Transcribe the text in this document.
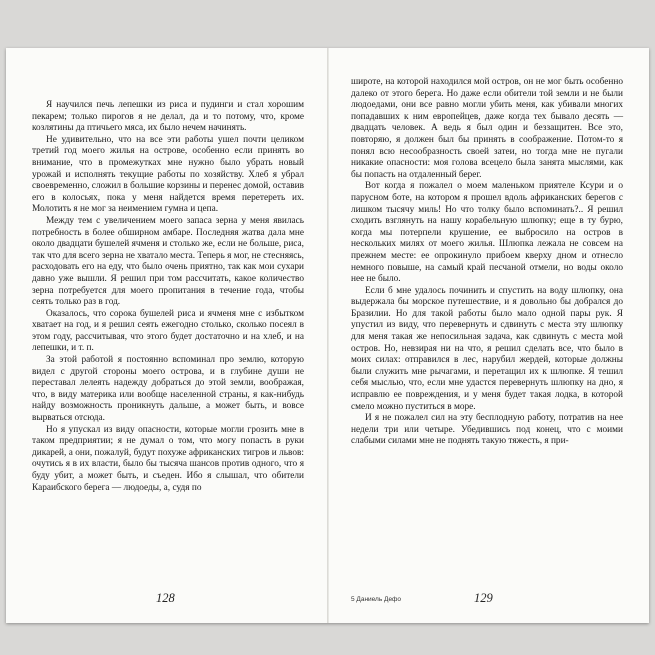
Я научился печь лепешки из риса и пудинги и стал хорошим пекарем; только пирогов я не делал, да и то потому, что, кроме козлятины да птичьего мяса, их было нечем начинять.

Не удивительно, что на все эти работы ушел почти целиком третий год моего жилья на острове, особенно если принять во внимание, что в промежутках мне нужно было убрать новый урожай и исполнять текущие работы по хозяйству. Хлеб я убрал своевременно, сложил в большие корзины и перенес домой, оставив его в колосьях, пока у меня найдется время перетереть их. Молотить я не мог за неимением гумна и цепа.

Между тем с увеличением моего запаса зерна у меня явилась потребность в более обширном амбаре. Последняя жатва дала мне около двадцати бушелей ячменя и столько же, если не больше, риса, так что для всего зерна не хватало места. Теперь я мог, не стесняясь, расходовать его на еду, что было очень приятно, так как мои сухари давно уже вышли. Я решил при том рассчитать, какое количество зерна потребуется для моего пропитания в течение года, чтобы сеять только раз в год.

Оказалось, что сорока бушелей риса и ячменя мне с избытком хватает на год, и я решил сеять ежегодно столько, сколько посеял в этом году, рассчитывая, что этого будет достаточно и на хлеб, и на лепешки, и т. п.

За этой работой я постоянно вспоминал про землю, которую видел с другой стороны моего острова, и в глубине души не переставал лелеять надежду добраться до этой земли, воображая, что, в виду материка или вообще населенной страны, я как-нибудь найду возможность проникнуть дальше, а может быть, и вовсе вырваться отсюда.

Но я упускал из виду опасности, которые могли грозить мне в таком предприятии; я не думал о том, что могу попасть в руки дикарей, а они, пожалуй, будут похуже африканских тигров и львов: очутись я в их власти, было бы тысяча шансов против одного, что я буду убит, а может быть, и съеден. Ибо я слышал, что обители Караибского берега — людоеды, а, судя по

128

широте, на которой находился мой остров, он не мог быть особенно далеко от этого берега. Но даже если обители той земли и не были людоедами, они все равно могли убить меня, как убивали многих попадавших к ним европейцев, даже когда тех бывало десять — двадцать человек. А ведь я был один и беззащитен. Все это, повторяю, я должен был бы принять в соображение. Потом-то я понял всю несообразность своей затеи, но тогда мне не пугали никакие опасности: моя голова всецело была занята мыслями, как бы попасть на отдаленный берег.

Вот когда я пожалел о моем маленьком приятеле Ксури и о парусном боте, на котором я прошел вдоль африканских берегов с лишком тысячу миль! Но что толку было вспоминать?.. Я решил сходить взглянуть на нашу корабельную шлюпку; еще в ту бурю, когда мы потерпели крушение, ее выбросило на остров в нескольких милях от моего жилья. Шлюпка лежала не совсем на прежнем месте: ее опрокинуло прибоем кверху дном и отнесло немного повыше, на самый край песчаной отмели, но воды около нее не было.

Если б мне удалось починить и спустить на воду шлюпку, она выдержала бы морское путешествие, и я довольно бы добрался до Бразилии. Но для такой работы было мало одной пары рук. Я упустил из виду, что перевернуть и сдвинуть с места эту шлюпку для меня такая же непосильная задача, как сдвинуть с места мой остров. Но, невзирая ни на что, я решил сделать все, что было в моих силах: отправился в лес, нарубил жердей, которые должны были служить мне рычагами, и перетащил их к шлюпке. Я тешил себя мыслью, что, если мне удастся перевернуть шлюпку на дно, я исправлю ее повреждения, и у меня будет такая лодка, в которой смело можно пуститься в море.

И я не пожалел сил на эту бесплодную работу, потратив на нее недели три или четыре. Убедившись под конец, что с моими слабыми силами мне не поднять такую тяжесть, я при-

5 Даниель Дефо	129
